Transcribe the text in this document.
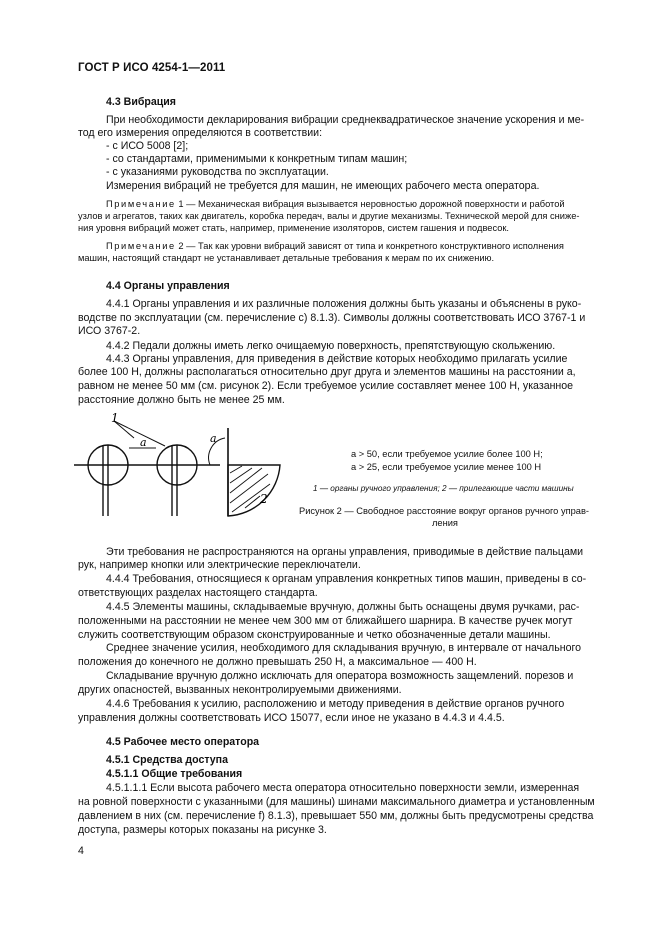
ГОСТ Р ИСО 4254-1—2011
4.3 Вибрация
При необходимости декларирования вибрации среднеквадратическое значение ускорения и ме-
тод его измерения определяются в соответствии:
- с ИСО 5008 [2];
- со стандартами, применимыми к конкретным типам машин;
- с указаниями руководства по эксплуатации.
Измерения вибраций не требуется для машин, не имеющих рабочего места оператора.
Примечание 1 — Механическая вибрация вызывается неровностью дорожной поверхности и работой
узлов и агрегатов, таких как двигатель, коробка передач, валы и другие механизмы. Технической мерой для сниже-
ния уровня вибраций может стать, например, применение изоляторов, систем гашения и подвесок.
Примечание 2 — Так как уровни вибраций зависят от типа и конкретного конструктивного исполнения
машин, настоящий стандарт не устанавливает детальные требования к мерам по их снижению.
4.4 Органы управления
4.4.1 Органы управления и их различные положения должны быть указаны и объяснены в руко-
водстве по эксплуатации (см. перечисление с) 8.1.3). Символы должны соответствовать ИСО 3767-1 и
ИСО 3767-2.
4.4.2 Педали должны иметь легко очищаемую поверхность, препятствующую скольжению.
4.4.3 Органы управления, для приведения в действие которых необходимо прилагать усилие
более 100 Н, должны располагаться относительно друг друга и элементов машины на расстоянии а,
равном не менее 50 мм (см. рисунок 2). Если требуемое усилие составляет менее 100 Н, указанное
расстояние должно быть не менее 25 мм.
1
a	a
2
a > 50, если требуемое усилие более 100 Н;
a > 25, если требуемое усилие менее 100 Н
1 — органы ручного управления; 2 — прилегающие части машины
Рисунок 2 — Свободное расстояние вокруг органов ручного управ-
ления
Эти требования не распространяются на органы управления, приводимые в действие пальцами
рук, например кнопки или электрические переключатели.
4.4.4 Требования, относящиеся к органам управления конкретных типов машин, приведены в со-
ответствующих разделах настоящего стандарта.
4.4.5 Элементы машины, складываемые вручную, должны быть оснащены двумя ручками, рас-
положенными на расстоянии не менее чем 300 мм от ближайшего шарнира. В качестве ручек могут
служить соответствующим образом сконструированные и четко обозначенные детали машины.
Среднее значение усилия, необходимого для складывания вручную, в интервале от начального
положения до конечного не должно превышать 250 Н, а максимальное — 400 Н.
Складывание вручную должно исключать для оператора возможность защемлений. порезов и
других опасностей, вызванных неконтролируемыми движениями.
4.4.6 Требования к усилию, расположению и методу приведения в действие органов ручного
управления должны соответствовать ИСО 15077, если иное не указано в 4.4.3 и 4.4.5.
4.5 Рабочее место оператора
4.5.1 Средства доступа
4.5.1.1 Общие требования
4.5.1.1.1 Если высота рабочего места оператора относительно поверхности земли, измеренная
на ровной поверхности с указанными (для машины) шинами максимального диаметра и установленным
давлением в них (см. перечисление f) 8.1.3), превышает 550 мм, должны быть предусмотрены средства
доступа, размеры которых показаны на рисунке 3.
4
